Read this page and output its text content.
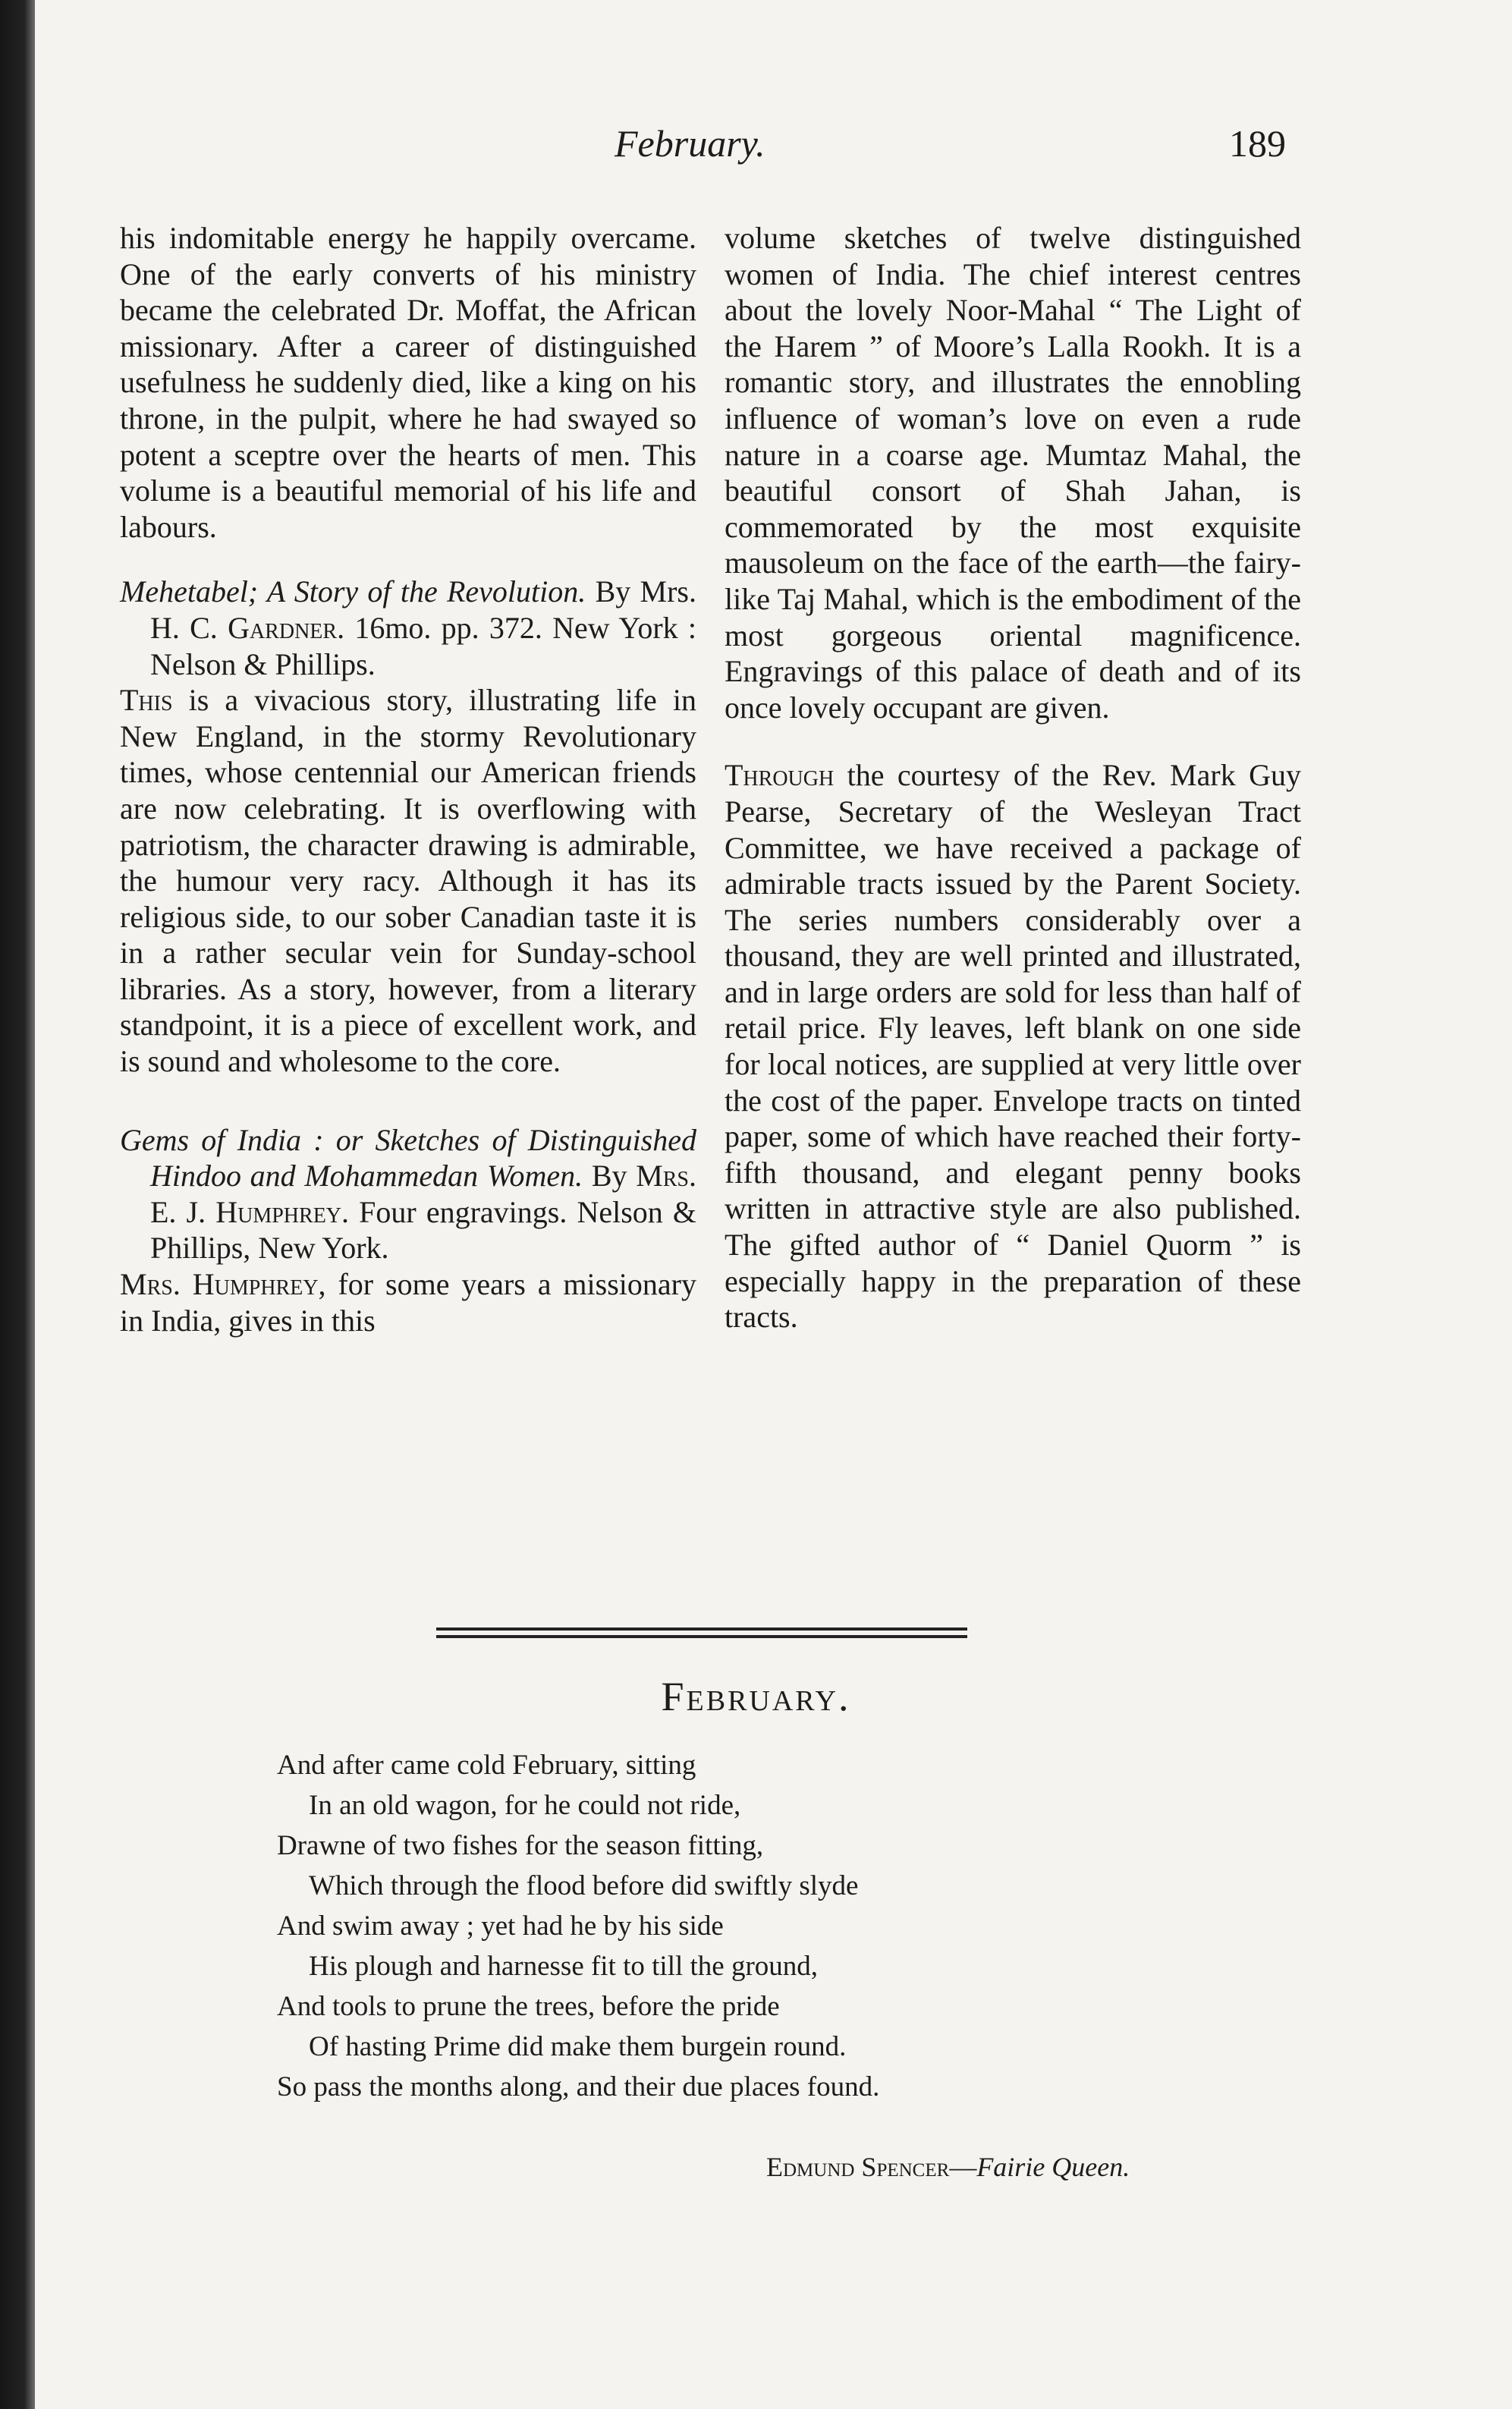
February.	189

his indomitable energy he happily overcame. One of the early converts of his ministry became the celebrated Dr. Moffat, the African missionary. After a career of distinguished usefulness he suddenly died, like a king on his throne, in the pulpit, where he had swayed so potent a sceptre over the hearts of men. This volume is a beautiful memorial of his life and labours.

Mehetabel; A Story of the Revolution. By Mrs. H. C. Gardner. 16mo. pp. 372. New York : Nelson & Phillips.

This is a vivacious story, illustrating life in New England, in the stormy Revolutionary times, whose centennial our American friends are now celebrating. It is overflowing with patriotism, the character drawing is admirable, the humour very racy. Although it has its religious side, to our sober Canadian taste it is in a rather secular vein for Sunday-school libraries. As a story, however, from a literary standpoint, it is a piece of excellent work, and is sound and wholesome to the core.

Gems of India : or Sketches of Distinguished Hindoo and Mohammedan Women. By Mrs. E. J. Humphrey. Four engravings. Nelson & Phillips, New York.

Mrs. Humphrey, for some years a missionary in India, gives in this

volume sketches of twelve distinguished women of India. The chief interest centres about the lovely Noor-Mahal “ The Light of the Harem ” of Moore’s Lalla Rookh. It is a romantic story, and illustrates the ennobling influence of woman’s love on even a rude nature in a coarse age. Mumtaz Mahal, the beautiful consort of Shah Jahan, is commemorated by the most exquisite mausoleum on the face of the earth—the fairy-like Taj Mahal, which is the embodiment of the most gorgeous oriental magnificence. Engravings of this palace of death and of its once lovely occupant are given.

Through the courtesy of the Rev. Mark Guy Pearse, Secretary of the Wesleyan Tract Committee, we have received a package of admirable tracts issued by the Parent Society. The series numbers considerably over a thousand, they are well printed and illustrated, and in large orders are sold for less than half of retail price. Fly leaves, left blank on one side for local notices, are supplied at very little over the cost of the paper. Envelope tracts on tinted paper, some of which have reached their forty-fifth thousand, and elegant penny books written in attractive style are also published. The gifted author of “ Daniel Quorm ” is especially happy in the preparation of these tracts.

February.
And after came cold February, sitting
In an old wagon, for he could not ride,
Drawne of two fishes for the season fitting,
Which through the flood before did swiftly slyde
And swim away ; yet had he by his side
His plough and harnesse fit to till the ground,
And tools to prune the trees, before the pride
Of hasting Prime did make them burgein round.
So pass the months along, and their due places found.
Edmund Spencer—Fairie Queen.
